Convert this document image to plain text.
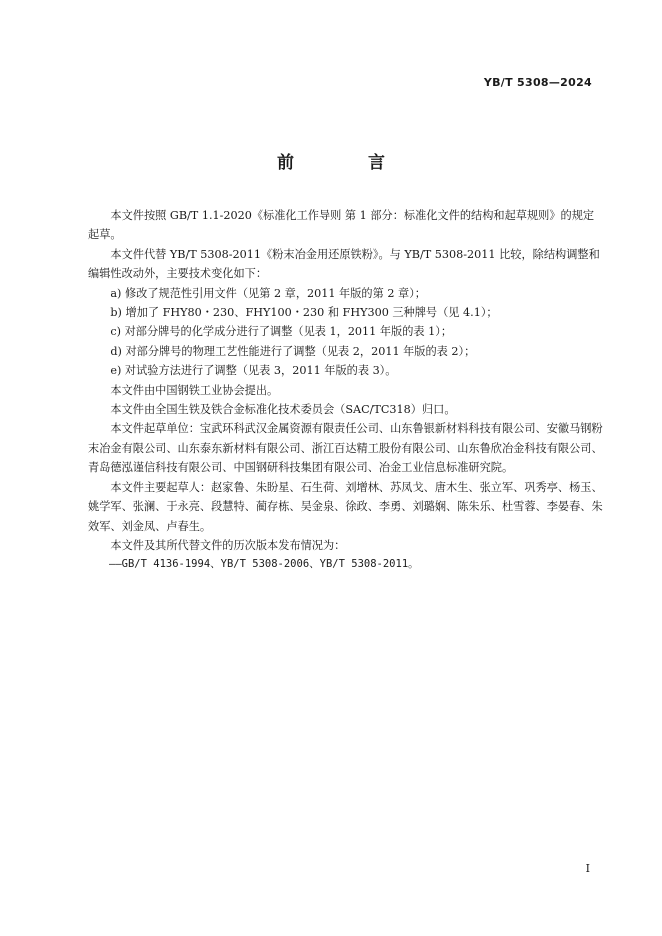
YB/T 5308—2024
前 言

本文件按照 GB/T 1.1-2020《标准化工作导则 第 1 部分：标准化文件的结构和起草规则》的规定起草。

本文件代替 YB/T 5308-2011《粉末冶金用还原铁粉》。与 YB/T 5308-2011 比较，除结构调整和编辑性改动外，主要技术变化如下：

a) 修改了规范性引用文件（见第 2 章，2011 年版的第 2 章）；

b) 增加了 FHY80・230、FHY100・230 和 FHY300 三种牌号（见 4.1）；

c) 对部分牌号的化学成分进行了调整（见表 1，2011 年版的表 1）；

d) 对部分牌号的物理工艺性能进行了调整（见表 2，2011 年版的表 2）；

e) 对试验方法进行了调整（见表 3，2011 年版的表 3）。

本文件由中国钢铁工业协会提出。

本文件由全国生铁及铁合金标准化技术委员会（SAC/TC318）归口。

本文件起草单位：宝武环科武汉金属资源有限责任公司、山东鲁银新材料科技有限公司、安徽马钢粉末冶金有限公司、山东泰东新材料有限公司、浙江百达精工股份有限公司、山东鲁欣冶金科技有限公司、青岛德泓谨信科技有限公司、中国钢研科技集团有限公司、冶金工业信息标准研究院。

本文件主要起草人：赵家鲁、朱盼星、石生荷、刘增林、苏凤戈、唐木生、张立军、巩秀亭、杨玉、姚学军、张澜、于永亮、段慧特、蔺存栋、吴金泉、徐政、李勇、刘璐娴、陈朱乐、杜雪蓉、李晏春、朱效军、刘金凤、卢春生。

本文件及其所代替文件的历次版本发布情况为：

——GB/T 4136-1994、YB/T 5308-2006、YB/T 5308-2011。

I
